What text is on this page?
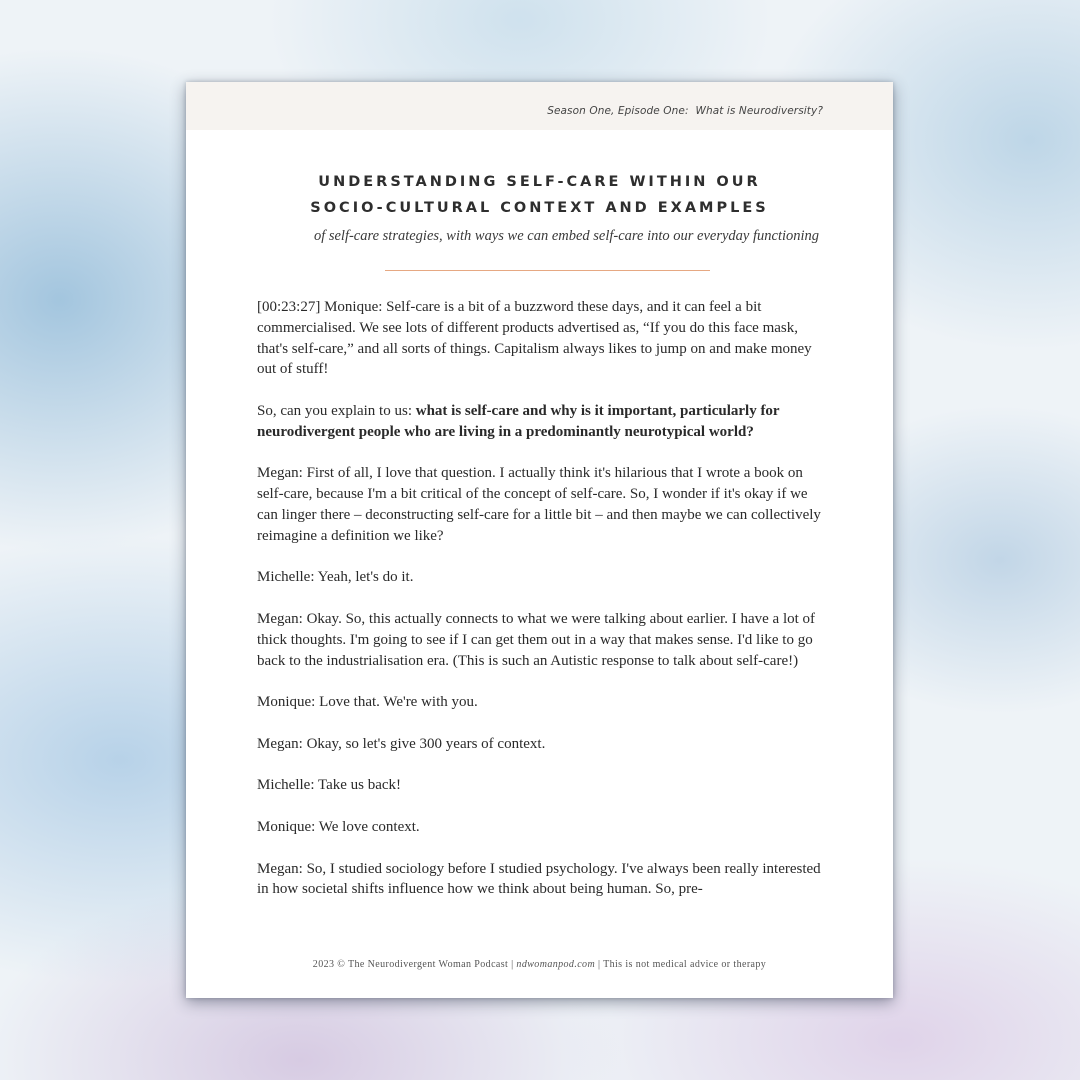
Season One, Episode One:  What is Neurodiversity?
UNDERSTANDING SELF-CARE WITHIN OUR
SOCIO-CULTURAL CONTEXT AND EXAMPLES
of self-care strategies, with ways we can embed self-care into our everyday functioning

[00:23:27] Monique: Self-care is a bit of a buzzword these days, and it can feel a bit commercialised. We see lots of different products advertised as, “If you do this face mask, that's self-care,” and all sorts of things. Capitalism always likes to jump on and make money out of stuff!

So, can you explain to us: what is self-care and why is it important, particularly for neurodivergent people who are living in a predominantly neurotypical world?

Megan: First of all, I love that question. I actually think it's hilarious that I wrote a book on self-care, because I'm a bit critical of the concept of self-care. So, I wonder if it's okay if we can linger there – deconstructing self-care for a little bit – and then maybe we can collectively reimagine a definition we like?

Michelle: Yeah, let's do it.

Megan: Okay. So, this actually connects to what we were talking about earlier. I have a lot of thick thoughts. I'm going to see if I can get them out in a way that makes sense. I'd like to go back to the industrialisation era. (This is such an Autistic response to talk about self-care!)

Monique: Love that. We're with you.

Megan: Okay, so let's give 300 years of context.

Michelle: Take us back!

Monique: We love context.

Megan: So, I studied sociology before I studied psychology. I've always been really interested in how societal shifts influence how we think about being human. So, pre-

2023 © The Neurodivergent Woman Podcast | ndwomanpod.com | This is not medical advice or therapy
